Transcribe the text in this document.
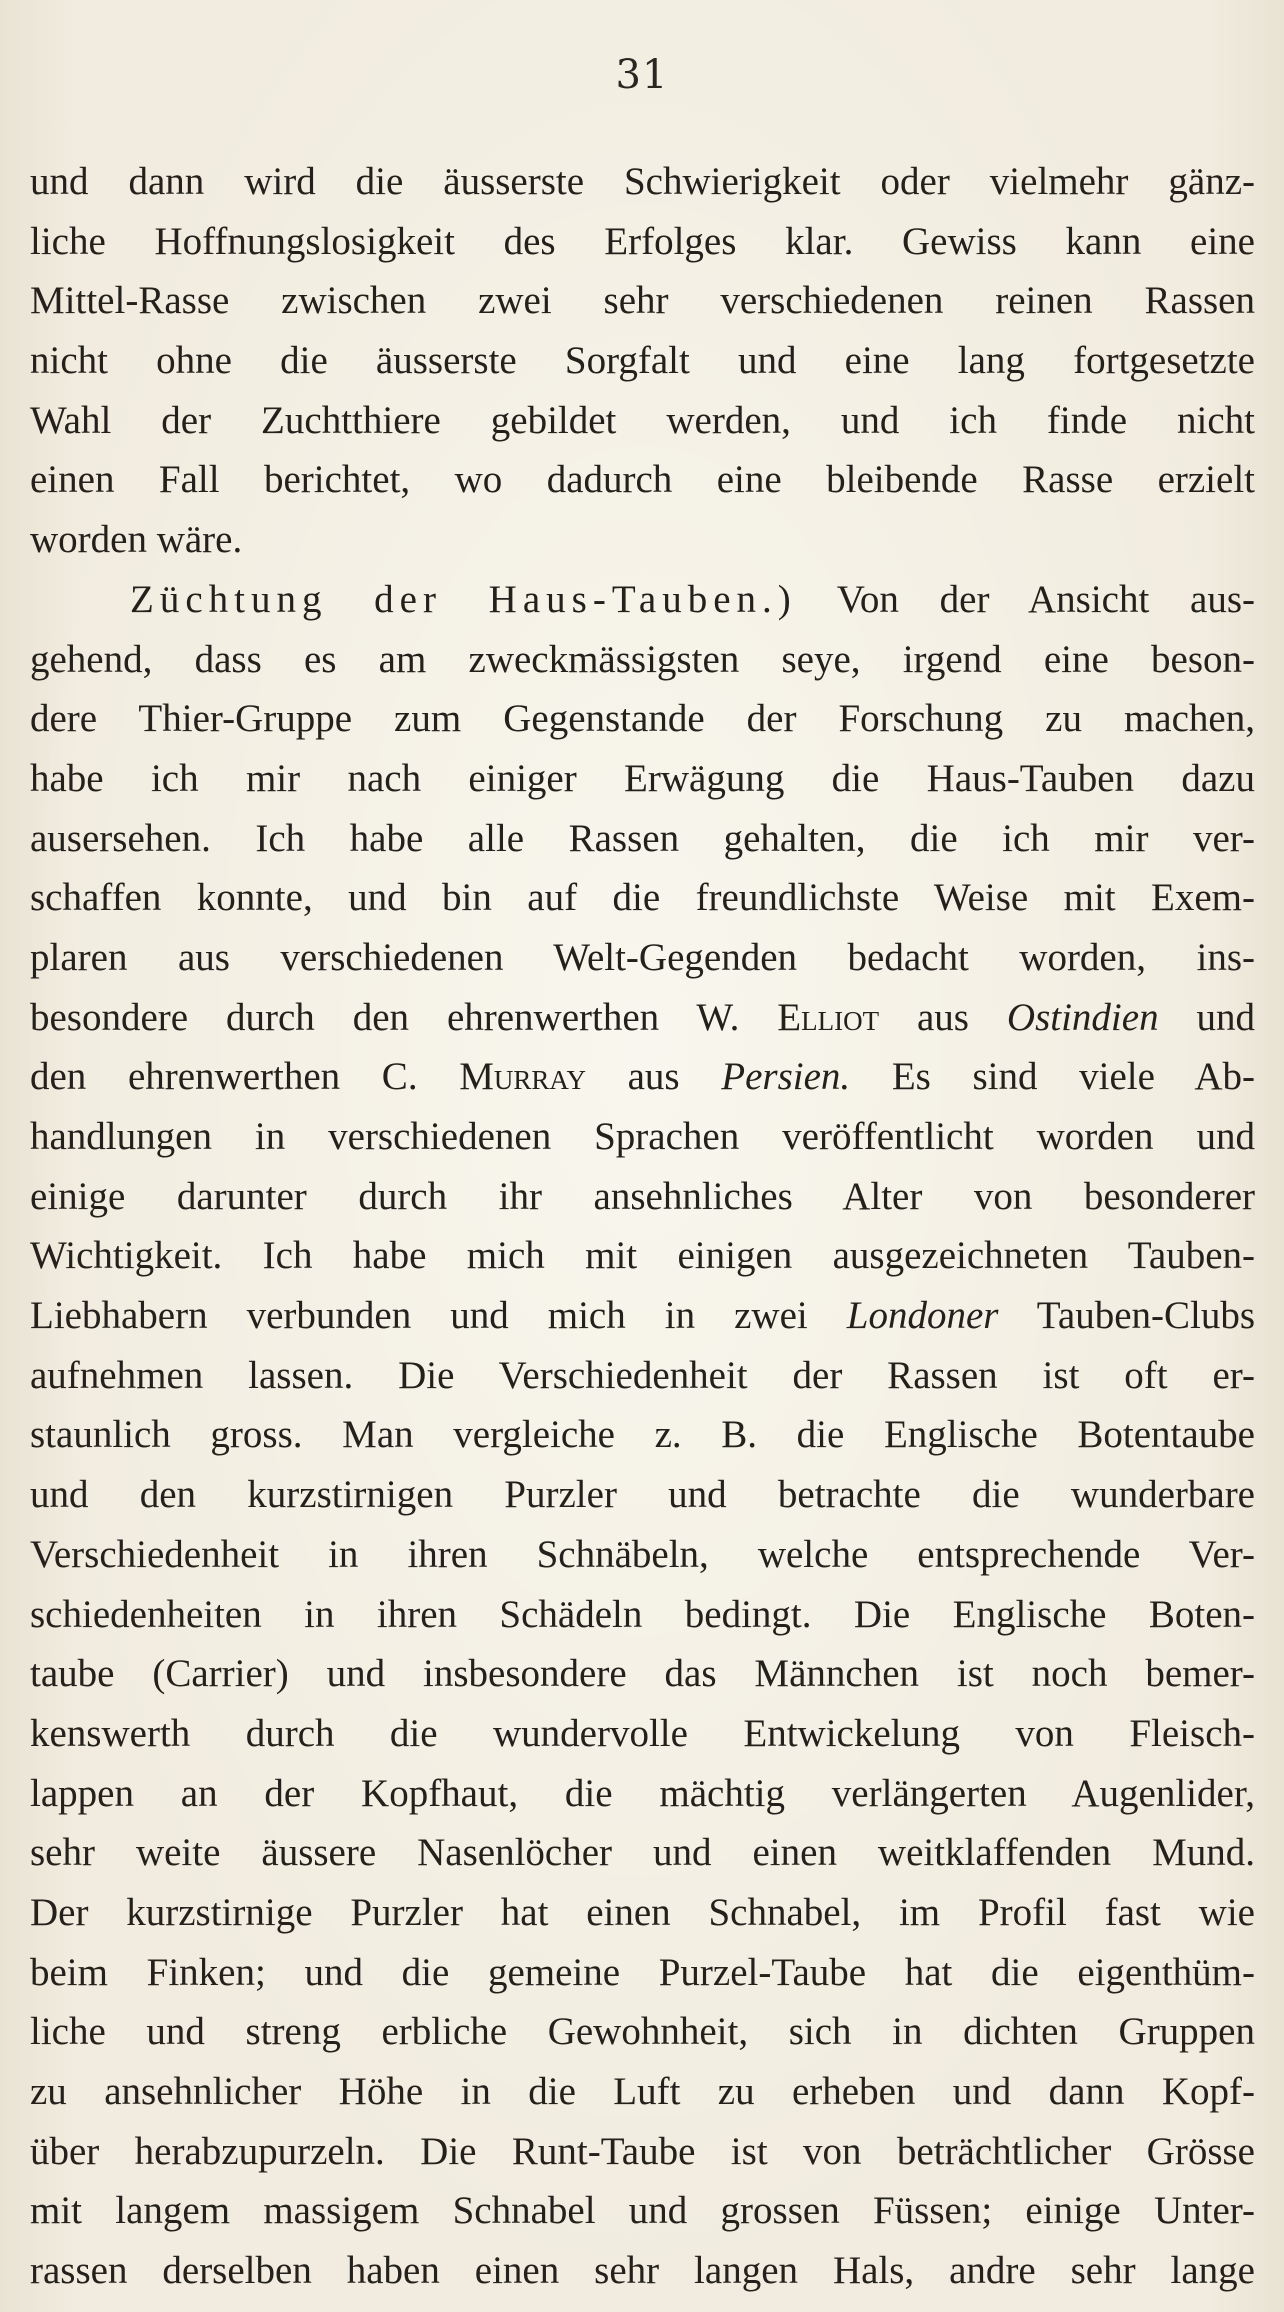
31
und dann wird die äusserste Schwierigkeit oder vielmehr gänz-
liche Hoffnungslosigkeit des Erfolges klar. Gewiss kann eine
Mittel-Rasse zwischen zwei sehr verschiedenen reinen Rassen
nicht ohne die äusserste Sorgfalt und eine lang fortgesetzte
Wahl der Zuchtthiere gebildet werden, und ich finde nicht
einen Fall berichtet, wo dadurch eine bleibende Rasse erzielt
worden wäre.
Züchtung der Haus-Tauben.) Von der Ansicht aus-
gehend, dass es am zweckmässigsten seye, irgend eine beson-
dere Thier-Gruppe zum Gegenstande der Forschung zu machen,
habe ich mir nach einiger Erwägung die Haus-Tauben dazu
ausersehen. Ich habe alle Rassen gehalten, die ich mir ver-
schaffen konnte, und bin auf die freundlichste Weise mit Exem-
plaren aus verschiedenen Welt-Gegenden bedacht worden, ins-
besondere durch den ehrenwerthen W. Elliot aus Ostindien und
den ehrenwerthen C. Murray aus Persien. Es sind viele Ab-
handlungen in verschiedenen Sprachen veröffentlicht worden und
einige darunter durch ihr ansehnliches Alter von besonderer
Wichtigkeit. Ich habe mich mit einigen ausgezeichneten Tauben-
Liebhabern verbunden und mich in zwei Londoner Tauben-Clubs
aufnehmen lassen. Die Verschiedenheit der Rassen ist oft er-
staunlich gross. Man vergleiche z. B. die Englische Botentaube
und den kurzstirnigen Purzler und betrachte die wunderbare
Verschiedenheit in ihren Schnäbeln, welche entsprechende Ver-
schiedenheiten in ihren Schädeln bedingt. Die Englische Boten-
taube (Carrier) und insbesondere das Männchen ist noch bemer-
kenswerth durch die wundervolle Entwickelung von Fleisch-
lappen an der Kopfhaut, die mächtig verlängerten Augenlider,
sehr weite äussere Nasenlöcher und einen weitklaffenden Mund.
Der kurzstirnige Purzler hat einen Schnabel, im Profil fast wie
beim Finken; und die gemeine Purzel-Taube hat die eigenthüm-
liche und streng erbliche Gewohnheit, sich in dichten Gruppen
zu ansehnlicher Höhe in die Luft zu erheben und dann Kopf-
über herabzupurzeln. Die Runt-Taube ist von beträchtlicher Grösse
mit langem massigem Schnabel und grossen Füssen; einige Unter-
rassen derselben haben einen sehr langen Hals, andre sehr lange
